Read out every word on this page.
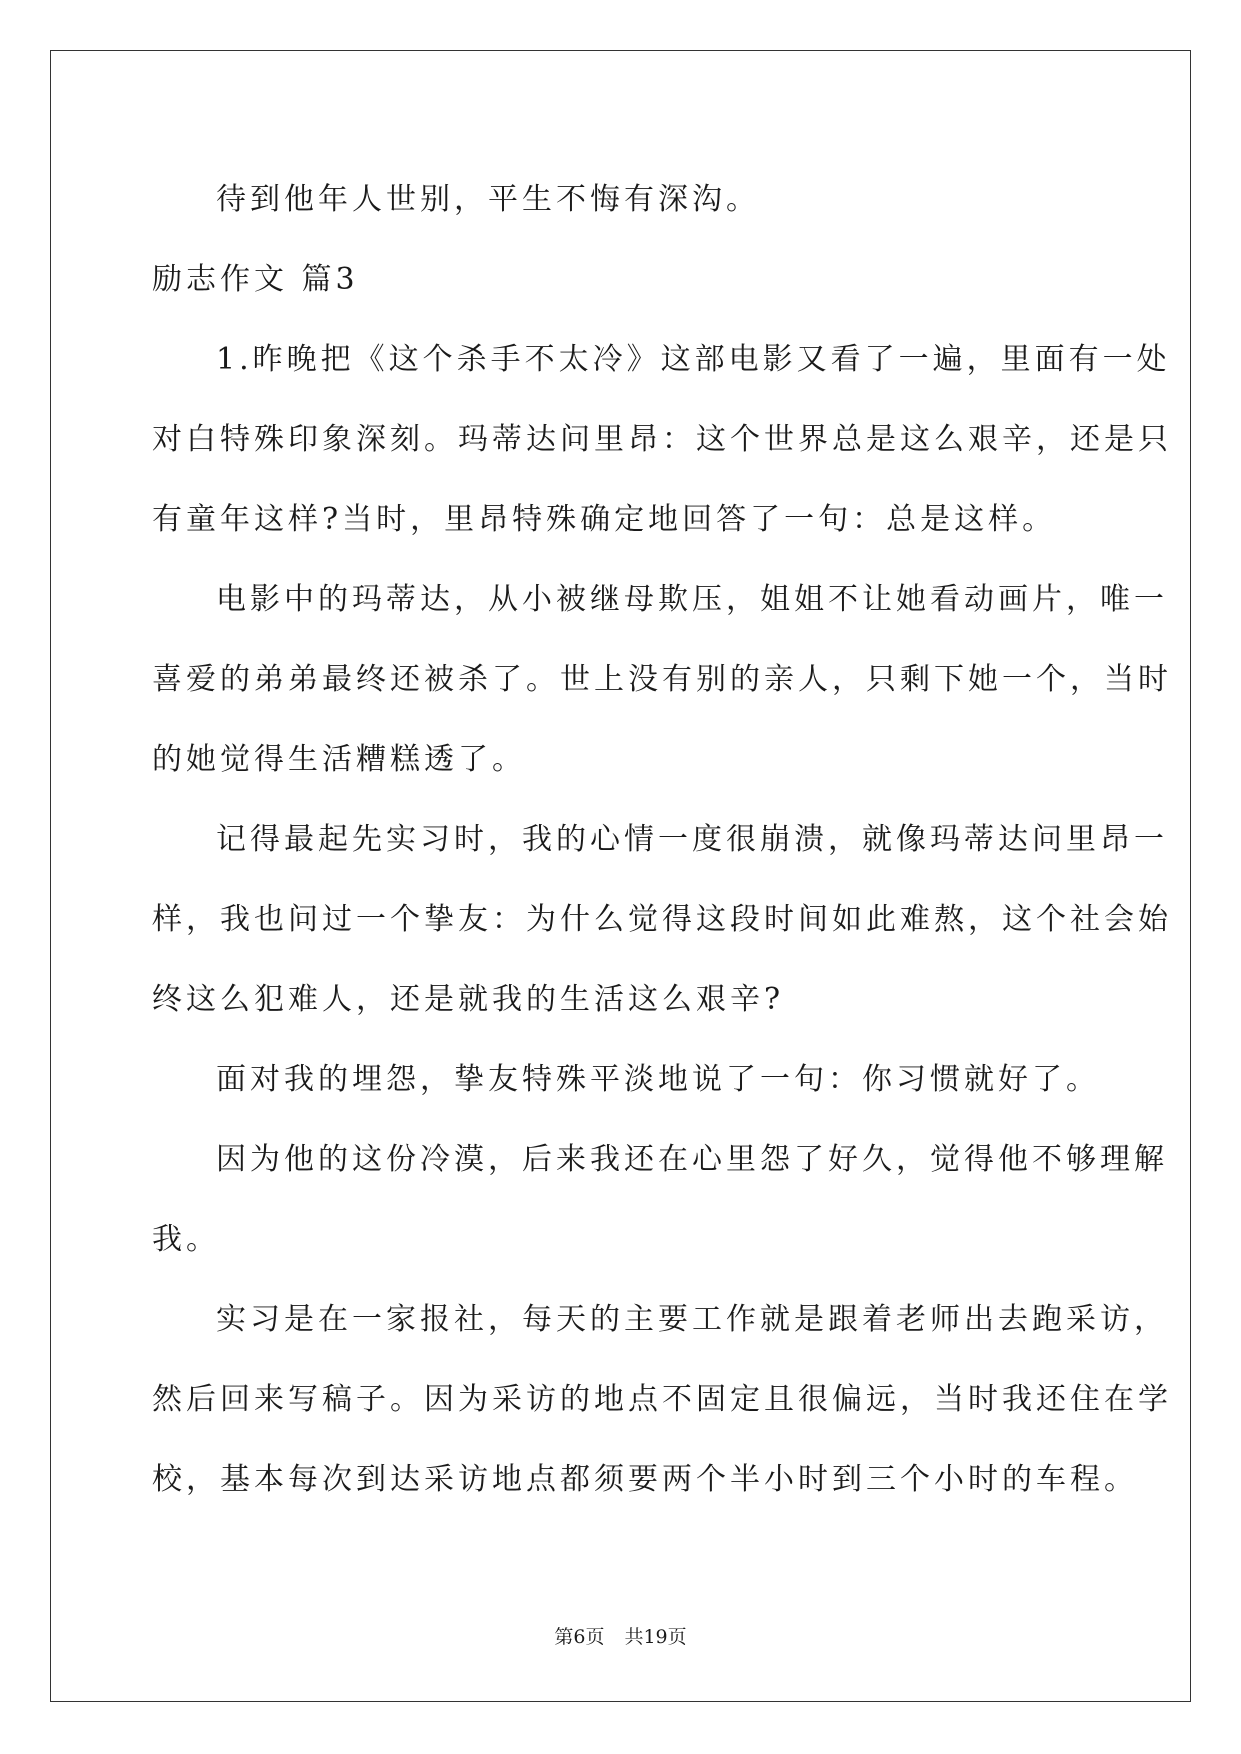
待到他年人世别，平生不悔有深沟。
励志作文 篇3
1.昨晚把《这个杀手不太冷》这部电影又看了一遍，里面有一处
对白特殊印象深刻。玛蒂达问里昂：这个世界总是这么艰辛，还是只
有童年这样?当时，里昂特殊确定地回答了一句：总是这样。
电影中的玛蒂达，从小被继母欺压，姐姐不让她看动画片，唯一
喜爱的弟弟最终还被杀了。世上没有别的亲人，只剩下她一个，当时
的她觉得生活糟糕透了。
记得最起先实习时，我的心情一度很崩溃，就像玛蒂达问里昂一
样，我也问过一个挚友：为什么觉得这段时间如此难熬，这个社会始
终这么犯难人，还是就我的生活这么艰辛?
面对我的埋怨，挚友特殊平淡地说了一句：你习惯就好了。
因为他的这份冷漠，后来我还在心里怨了好久，觉得他不够理解
我。
实习是在一家报社，每天的主要工作就是跟着老师出去跑采访，
然后回来写稿子。因为采访的地点不固定且很偏远，当时我还住在学
校，基本每次到达采访地点都须要两个半小时到三个小时的车程。
第6页 共19页
